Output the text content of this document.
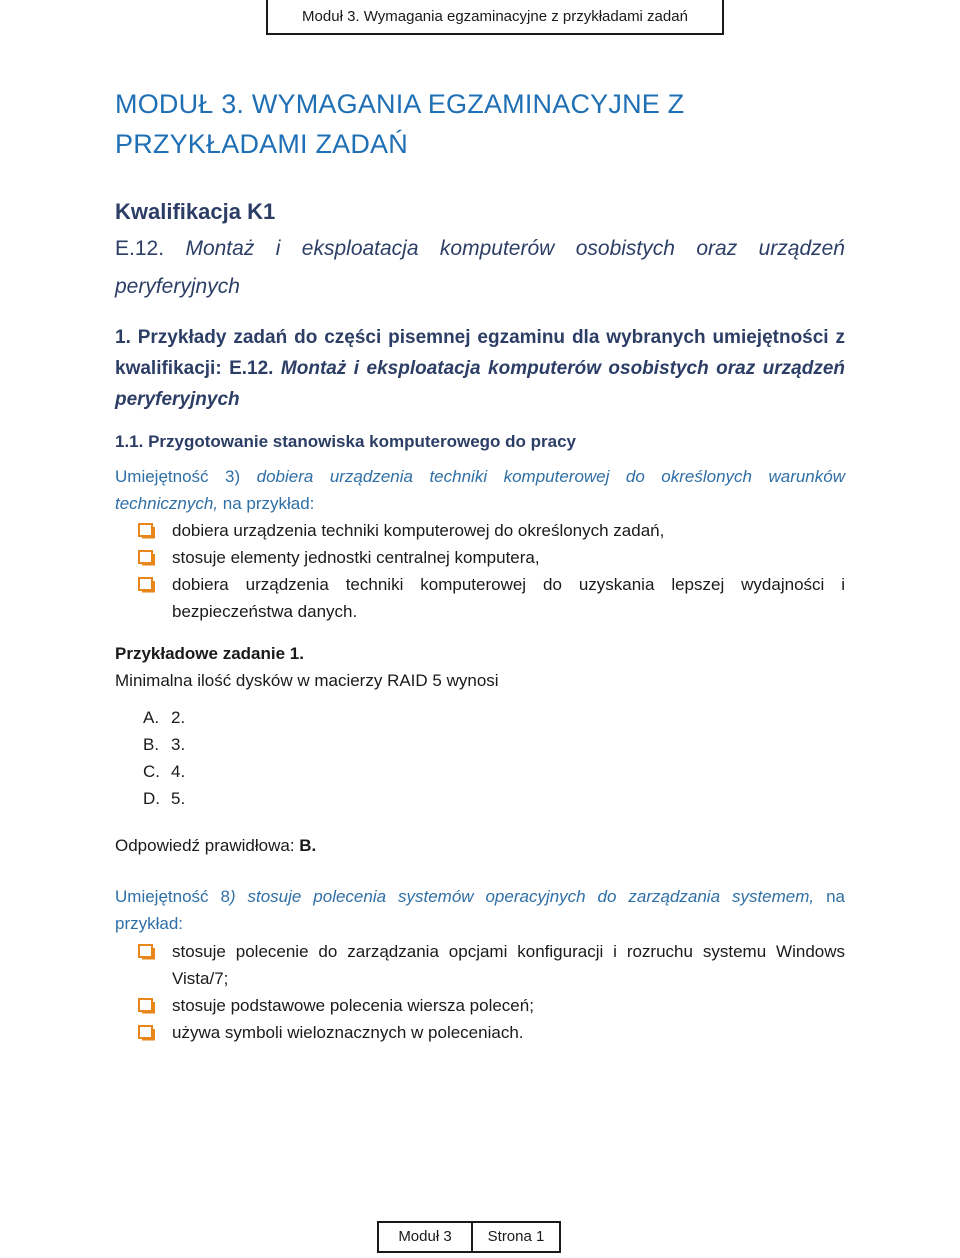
Moduł 3. Wymagania egzaminacyjne z przykładami zadań
MODUŁ 3. WYMAGANIA EGZAMINACYJNE Z PRZYKŁADAMI ZADAŃ
Kwalifikacja K1
E.12. Montaż i eksploatacja komputerów osobistych oraz urządzeń peryferyjnych
1. Przykłady zadań do części pisemnej egzaminu dla wybranych umiejętności z kwalifikacji: E.12. Montaż i eksploatacja komputerów osobistych oraz urządzeń peryferyjnych
1.1. Przygotowanie stanowiska komputerowego do pracy
Umiejętność 3) dobiera urządzenia techniki komputerowej do określonych warunków technicznych, na przykład:
dobiera urządzenia techniki komputerowej do określonych zadań,
stosuje elementy jednostki centralnej komputera,
dobiera urządzenia techniki komputerowej do uzyskania lepszej wydajności i bezpieczeństwa danych.
Przykładowe zadanie 1.
Minimalna ilość dysków w macierzy RAID 5 wynosi
A. 2.
B. 3.
C. 4.
D. 5.
Odpowiedź prawidłowa: B.
Umiejętność 8) stosuje polecenia systemów operacyjnych do zarządzania systemem, na przykład:
stosuje polecenie do zarządzania opcjami konfiguracji i rozruchu systemu Windows Vista/7;
stosuje podstawowe polecenia wiersza poleceń;
używa symboli wieloznacznych w poleceniach.
Moduł 3	Strona 1
